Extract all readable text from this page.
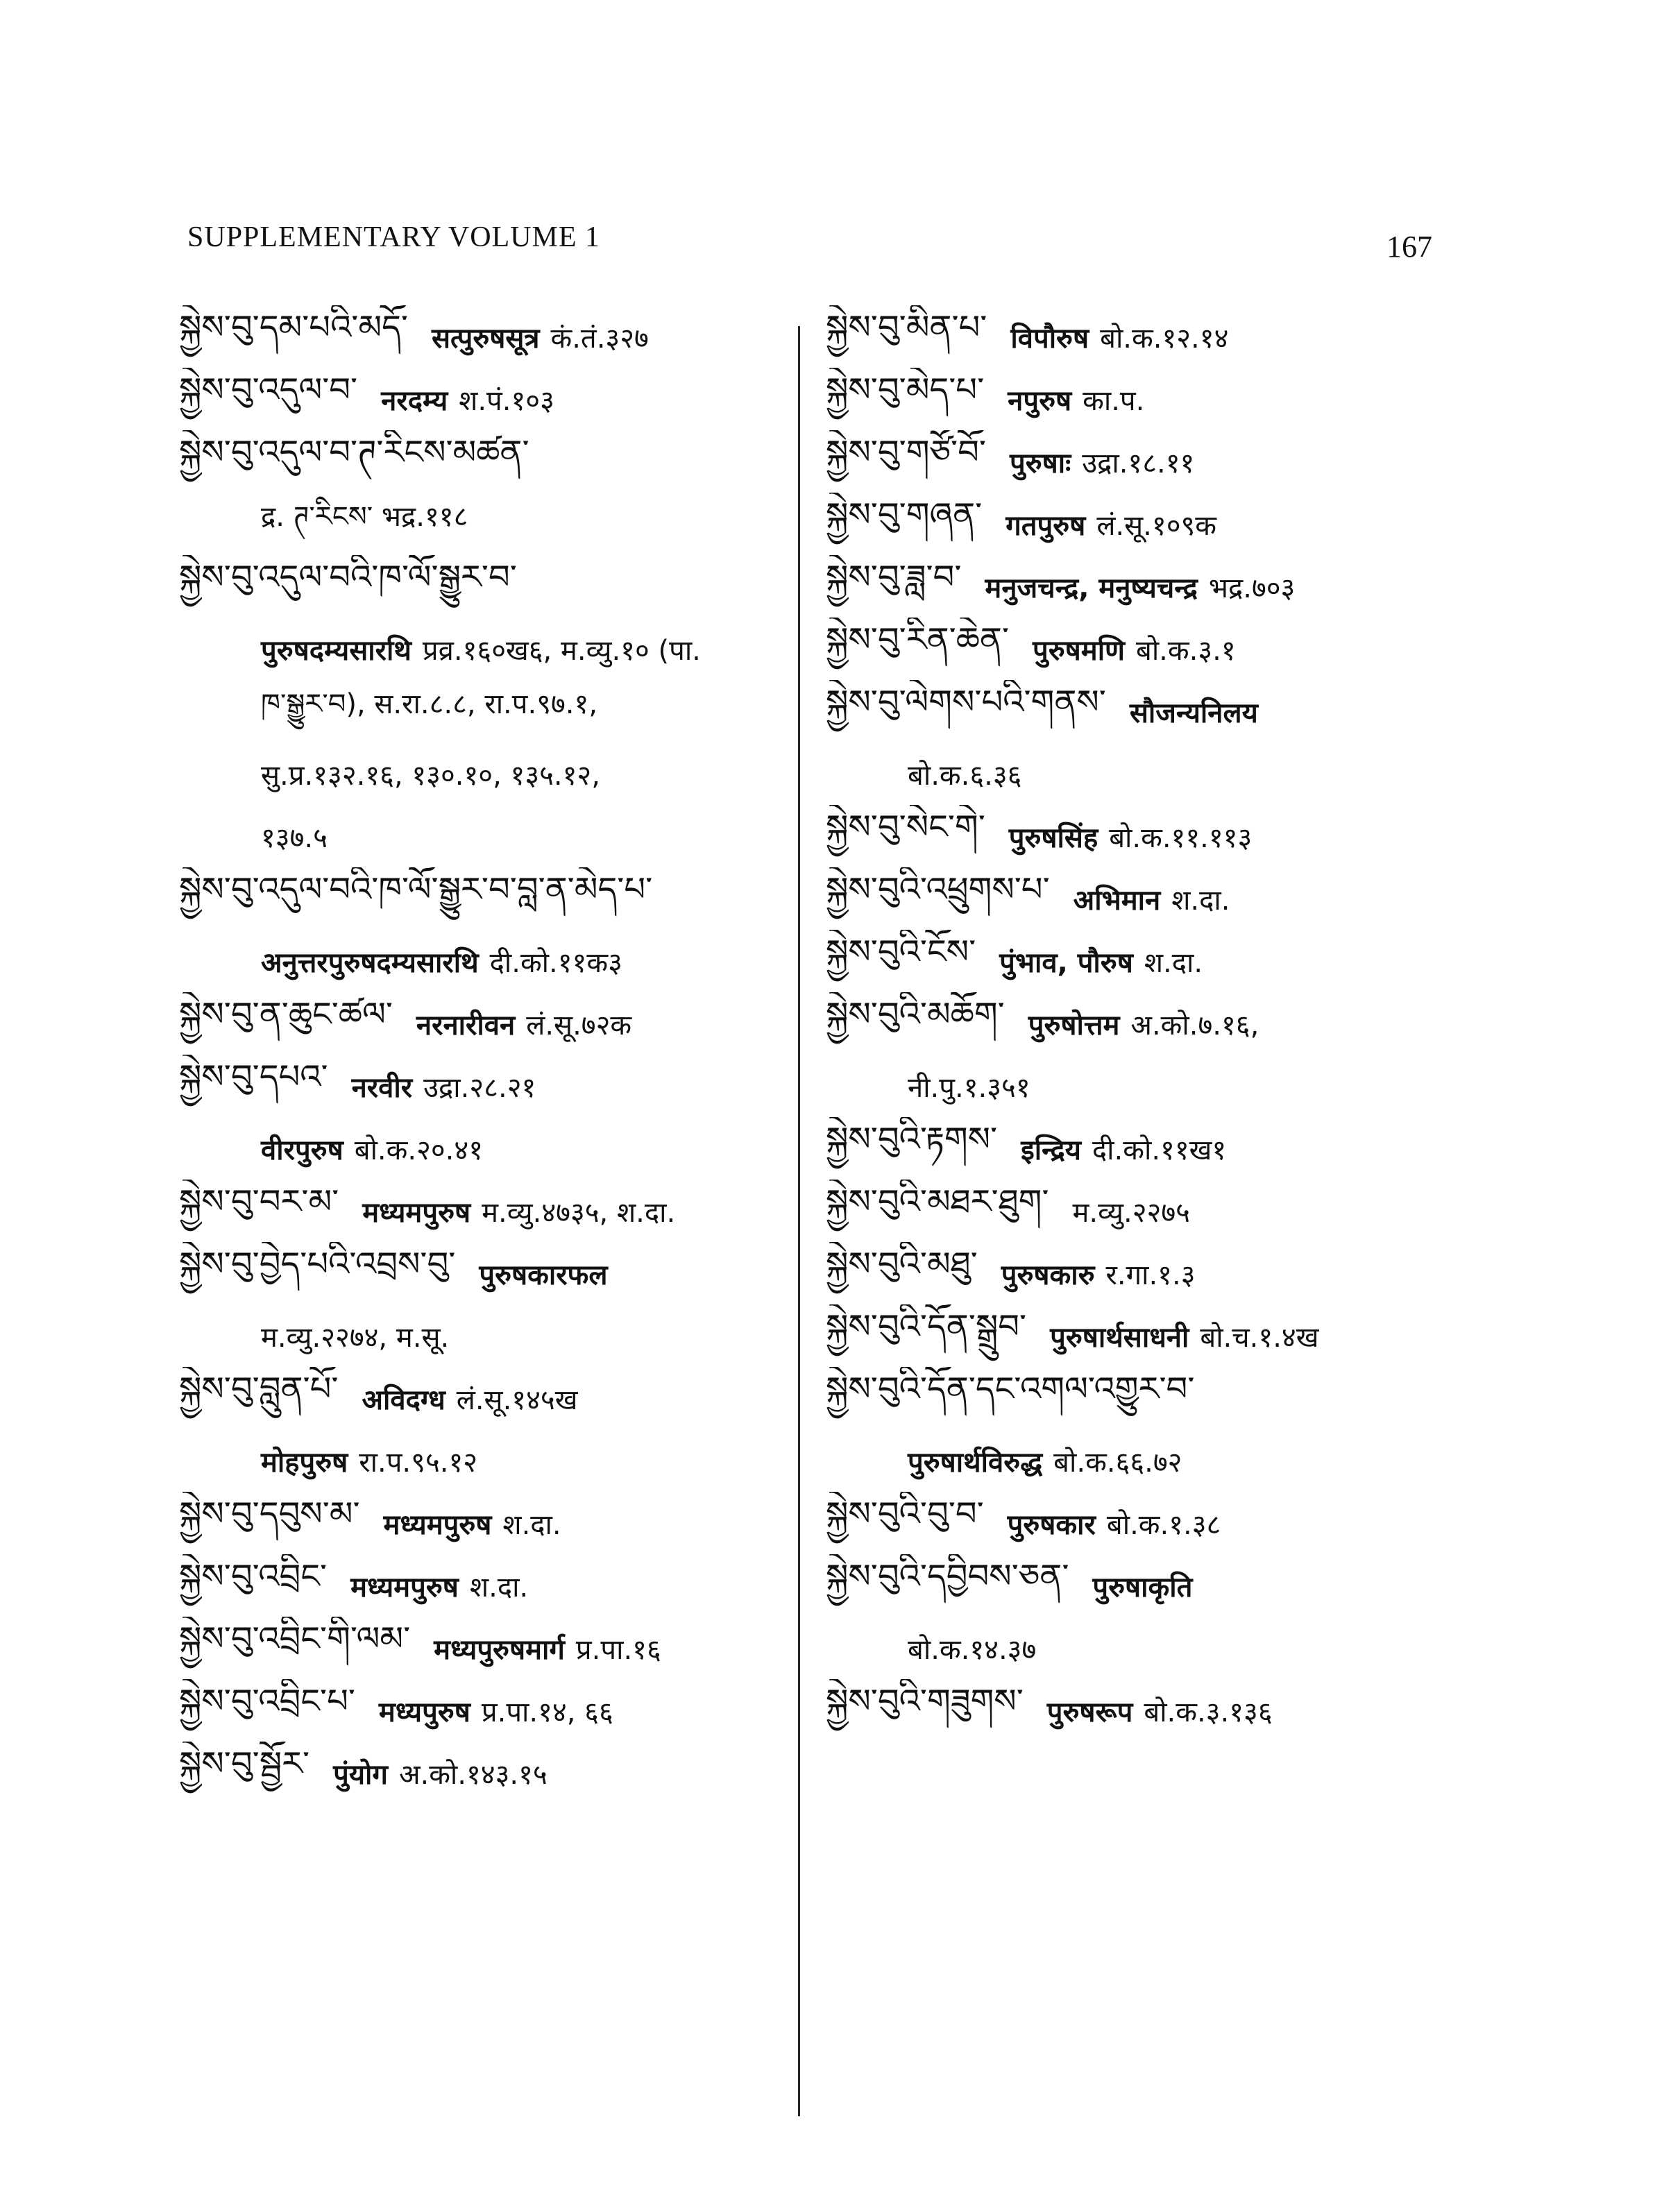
SUPPLEMENTARY VOLUME 1	167
སྐྱེས་བུ་དམ་པའི་མདོ་ सत्पुरुषसूत्र कं.तं.३२७
སྐྱེས་བུ་འདུལ་བ་ नरदम्य श.पं.१०३
སྐྱེས་བུ་འདུལ་བ་ཊ་རིངས་མཚན་
द्र. ཊ་རིངས་ भद्र.११८
སྐྱེས་བུ་འདུལ་བའི་ཁ་ལོ་སྒྱུར་བ་
पुरुषदम्यसारथि प्रव्र.१६०ख६, म.व्यु.१० (पा.
ཁ་སྒྱུར་བ), स.रा.८.८, रा.प.९७.१,
सु.प्र.१३२.१६, १३०.१०, १३५.१२,
१३७.५
སྐྱེས་བུ་འདུལ་བའི་ཁ་ལོ་སྒྱུར་བ་བླ་ན་མེད་པ་
अनुत्तरपुरुषदम्यसारथि दी.को.११क३
སྐྱེས་བུ་ན་ཆུང་ཚལ་ नरनारीवन लं.सू.७२क
སྐྱེས་བུ་དཔའ་ नरवीर उद्रा.२८.२१
वीरपुरुष बो.क.२०.४१
སྐྱེས་བུ་བར་མ་ मध्यमपुरुष म.व्यु.४७३५, श.दा.
སྐྱེས་བུ་བྱེད་པའི་འབྲས་བུ་ पुरुषकारफल
म.व्यु.२२७४, म.सू.
སྐྱེས་བུ་བླུན་པོ་ अविदग्ध लं.सू.१४५ख
मोहपुरुष रा.प.९५.१२
སྐྱེས་བུ་དབུས་མ་ मध्यमपुरुष श.दा.
སྐྱེས་བུ་འབྲིང་ मध्यमपुरुष श.दा.
སྐྱེས་བུ་འབྲིང་གི་ལམ་ मध्यपुरुषमार्ग प्र.पा.१६
སྐྱེས་བུ་འབྲིང་པ་ मध्यपुरुष प्र.पा.१४, ६६
སྐྱེས་བུ་སྦྱོར་ पुंयोग अ.को.१४३.१५
སྐྱེས་བུ་མིན་པ་ विपौरुष बो.क.१२.१४
སྐྱེས་བུ་མེད་པ་ नपुरुष का.प.
སྐྱེས་བུ་གཙོ་བོ་ पुरुषाः उद्रा.१८.११
སྐྱེས་བུ་གཞན་ गतपुरुष लं.सू.१०९क
སྐྱེས་བུ་ཟླ་བ་ मनुजचन्द्र, मनुष्यचन्द्र भद्र.७०३
སྐྱེས་བུ་རིན་ཆེན་ पुरुषमणि बो.क.३.१
སྐྱེས་བུ་ལེགས་པའི་གནས་ सौजन्यनिलय
बो.क.६.३६
སྐྱེས་བུ་སེང་གེ་ पुरुषसिंह बो.क.११.११३
སྐྱེས་བུའི་འཕྲུགས་པ་ अभिमान श.दा.
སྐྱེས་བུའི་ངོས་ पुंभाव, पौरुष श.दा.
སྐྱེས་བུའི་མཆོག་ पुरुषोत्तम अ.को.७.१६,
नी.पु.१.३५१
སྐྱེས་བུའི་རྟགས་ इन्द्रिय दी.को.११ख१
སྐྱེས་བུའི་མཐར་ཐུག་ म.व्यु.२२७५
སྐྱེས་བུའི་མཐུ་ पुरुषकारु र.गा.१.३
སྐྱེས་བུའི་དོན་སྒྲུབ་ पुरुषार्थसाधनी बो.च.१.४ख
སྐྱེས་བུའི་དོན་དང་འགལ་འགྱུར་བ་
पुरुषार्थविरुद्ध बो.क.६६.७२
སྐྱེས་བུའི་བུ་བ་ पुरुषकार बो.क.१.३८
སྐྱེས་བུའི་དབྱིབས་ཅན་ पुरुषाकृति
बो.क.१४.३७
སྐྱེས་བུའི་གཟུགས་ पुरुषरूप बो.क.३.१३६
